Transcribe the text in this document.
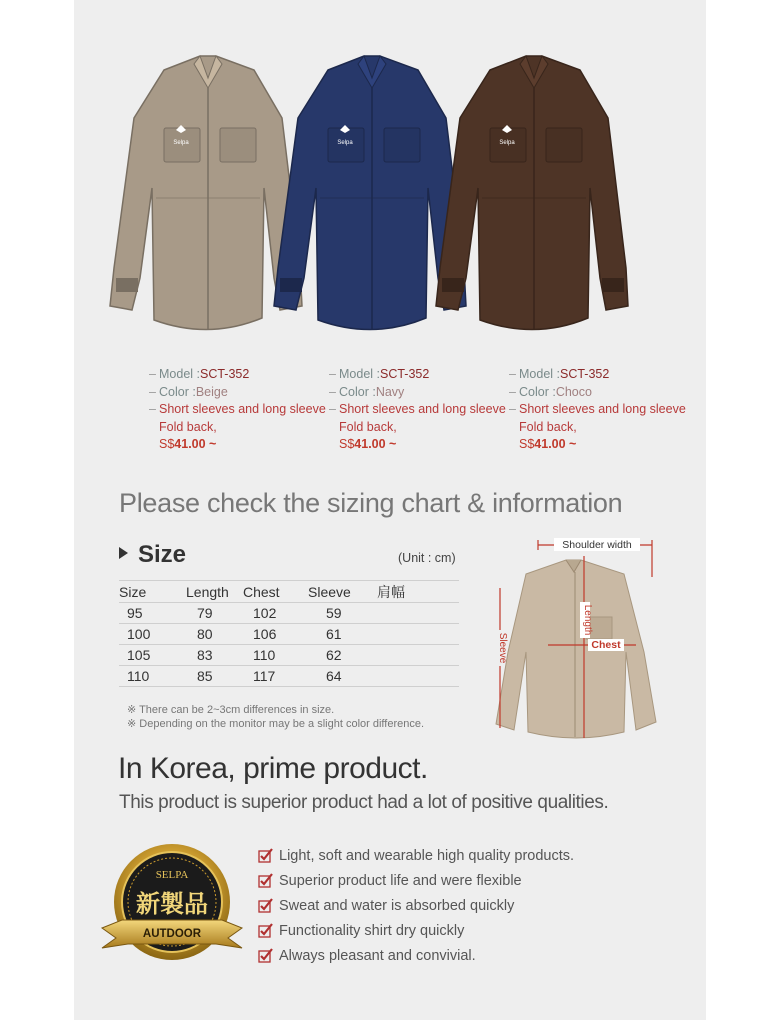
Selpa	Selpa	Selpa
– Model : SCT-352
– Color : Beige
– Short sleeves and long sleeve
Fold back,
S$ 41.00 ~
– Model : SCT-352
– Color : Navy
– Short sleeves and long sleeve
Fold back,
S$ 41.00 ~
– Model : SCT-352
– Color : Choco
– Short sleeves and long sleeve
Fold back,
S$ 41.00 ~
Please check the sizing chart & information
Size	(Unit : cm)
Size	Length	Chest	Sleeve	肩幅
95	79	102	59	
100	80	106	61	
105	83	110	62	
110	85	117	64	
※ There can be 2~3cm differences in size.
※ Depending on the monitor may be a slight color difference.
Shoulder width
Length
Chest
Sleeve
In Korea, prime product.
This product is superior product had a lot of positive qualities.
SELPA
新製品
AUTDOOR
Light, soft and wearable high quality products.
Superior product life and were flexible
Sweat and water is absorbed quickly
Functionality shirt dry quickly
Always pleasant and convivial.
